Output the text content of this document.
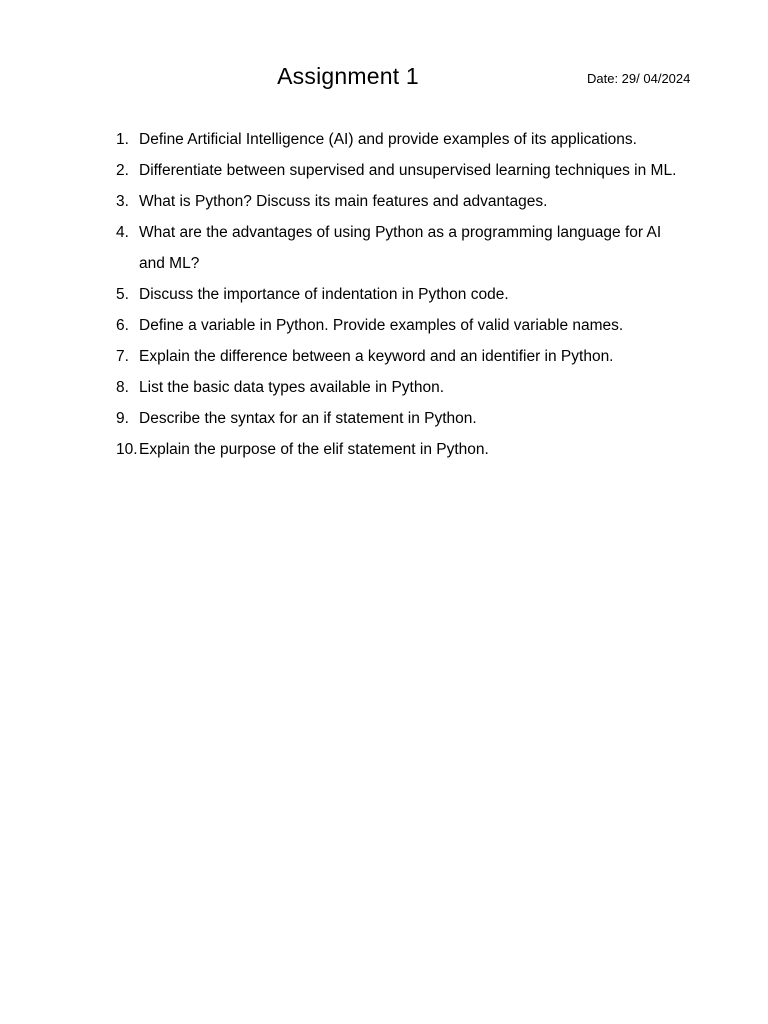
Assignment 1	Date: 29/ 04/2024
1. Define Artificial Intelligence (AI) and provide examples of its applications.
2. Differentiate between supervised and unsupervised learning techniques in ML.
3. What is Python? Discuss its main features and advantages.
4. What are the advantages of using Python as a programming language for AI and ML?
5. Discuss the importance of indentation in Python code.
6. Define a variable in Python. Provide examples of valid variable names.
7. Explain the difference between a keyword and an identifier in Python.
8. List the basic data types available in Python.
9. Describe the syntax for an if statement in Python.
10. Explain the purpose of the elif statement in Python.
